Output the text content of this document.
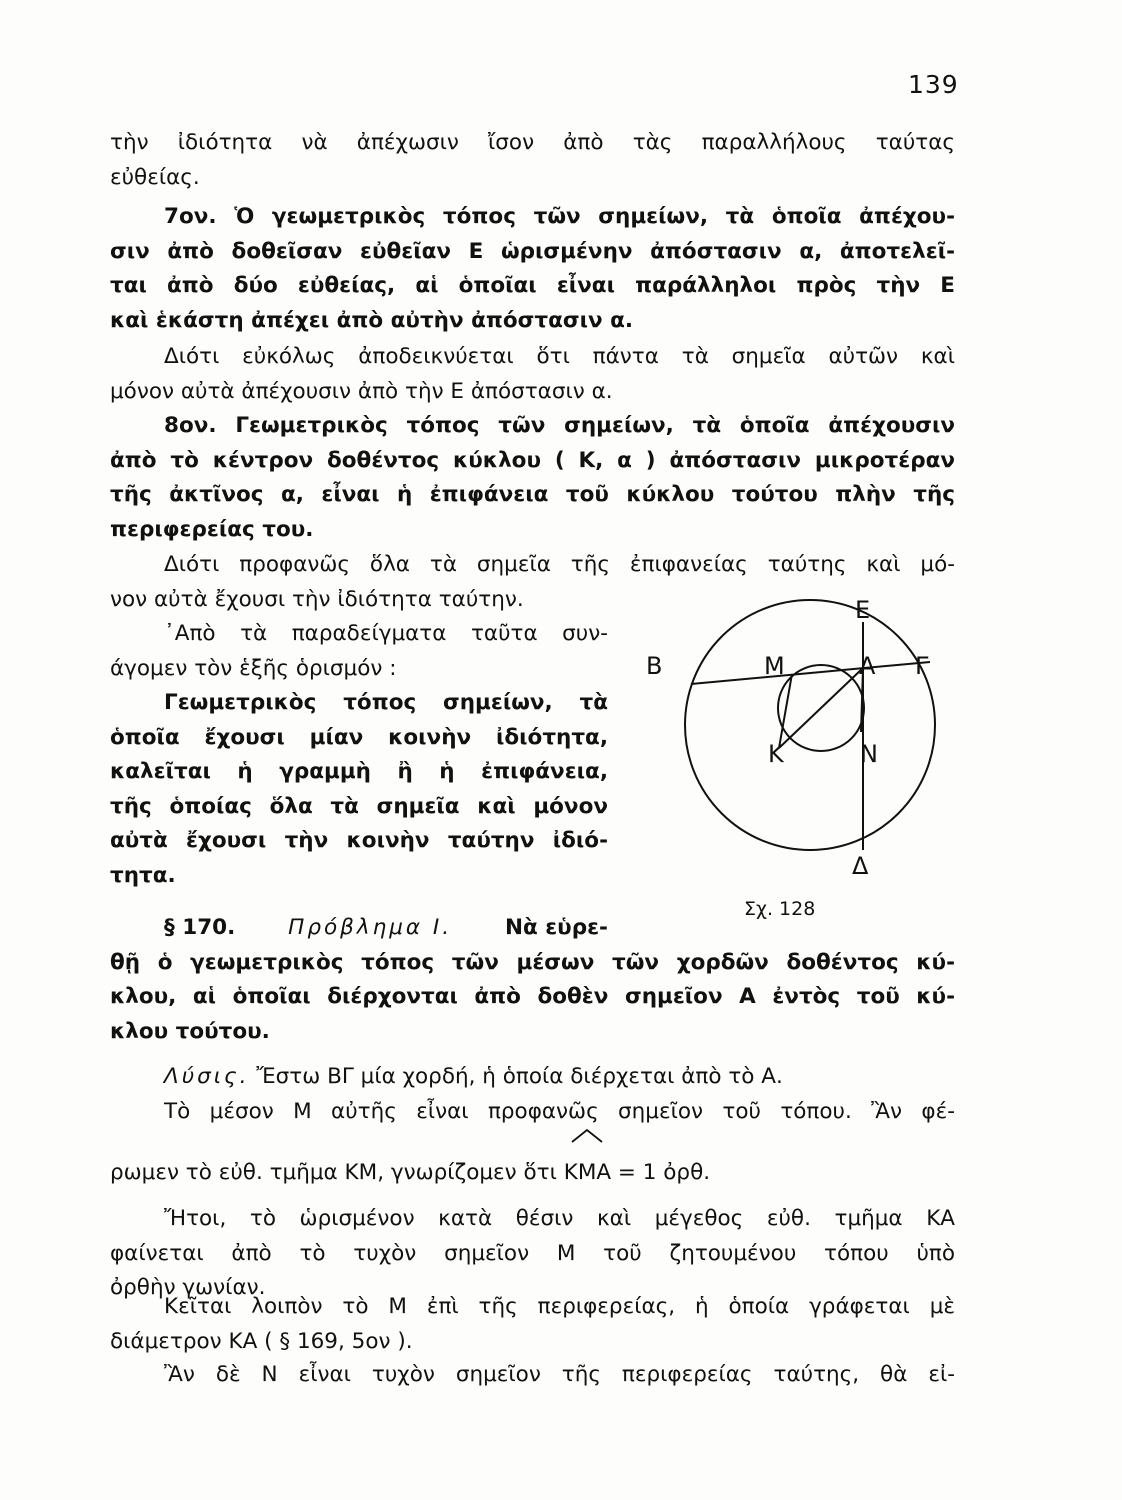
139
τὴν ἰδιότητα νὰ ἀπέχωσιν ἴσον ἀπὸ τὰς παραλλήλους ταύτας
εὐθείας.
7ον. Ὁ γεωμετρικὸς τόπος τῶν σημείων, τὰ ὁποῖα ἀπέχου-
σιν ἀπὸ δοθεῖσαν εὐθεῖαν Ε ὡρισμένην ἀπόστασιν α, ἀποτελεῖ-
ται ἀπὸ δύο εὐθείας, αἱ ὁποῖαι εἶναι παράλληλοι πρὸς τὴν Ε
καὶ ἑκάστη ἀπέχει ἀπὸ αὐτὴν ἀπόστασιν α.
Διότι εὐκόλως ἀποδεικνύεται ὅτι πάντα τὰ σημεῖα αὐτῶν καὶ
μόνον αὐτὰ ἀπέχουσιν ἀπὸ τὴν Ε ἀπόστασιν α.
8ον. Γεωμετρικὸς τόπος τῶν σημείων, τὰ ὁποῖα ἀπέχουσιν
ἀπὸ τὸ κέντρον δοθέντος κύκλου ( Κ, α ) ἀπόστασιν μικροτέραν
τῆς ἀκτῖνος α, εἶναι ἡ ἐπιφάνεια τοῦ κύκλου τούτου πλὴν τῆς
περιφερείας του.
Διότι προφανῶς ὅλα τὰ σημεῖα τῆς ἐπιφανείας ταύτης καὶ μό-
νον αὐτὰ ἔχουσι τὴν ἰδιότητα ταύτην.
᾿Απὸ τὰ παραδείγματα ταῦτα συν-
άγομεν τὸν ἑξῆς ὁρισμόν :
Γεωμετρικὸς τόπος σημείων, τὰ
ὁποῖα ἔχουσι μίαν κοινὴν ἰδιότητα,
καλεῖται ἡ γραμμὴ ἢ ἡ ἐπιφάνεια,
τῆς ὁποίας ὅλα τὰ σημεῖα καὶ μόνον
αὐτὰ ἔχουσι τὴν κοινὴν ταύτην ἰδιό-
τητα.
§ 170. Πρόβλημα Ι. Νὰ εὑρε-
θῇ ὁ γεωμετρικὸς τόπος τῶν μέσων τῶν χορδῶν δοθέντος κύ-
κλου, αἱ ὁποῖαι διέρχονται ἀπὸ δοθὲν σημεῖον Α ἐντὸς τοῦ κύ-
κλου τούτου.
Λύσις. Ἔστω ΒΓ μία χορδή, ἡ ὁποία διέρχεται ἀπὸ τὸ Α.
Τὸ μέσον Μ αὐτῆς εἶναι προφανῶς σημεῖον τοῦ τόπου. Ἂν φέ-
ρωμεν τὸ εὐθ. τμῆμα ΚΜ, γνωρίζομεν ὅτι ΚΜΑ = 1 ὀρθ.
Ἤτοι, τὸ ὡρισμένον κατὰ θέσιν καὶ μέγεθος εὐθ. τμῆμα ΚΑ
φαίνεται ἀπὸ τὸ τυχὸν σημεῖον Μ τοῦ ζητουμένου τόπου ὑπὸ
ὀρθὴν γωνίαν.
Κεῖται λοιπὸν τὸ Μ ἐπὶ τῆς περιφερείας, ἡ ὁποία γράφεται μὲ
διάμετρον ΚΑ ( § 169, 5ον ).
Ἂν δὲ Ν εἶναι τυχὸν σημεῖον τῆς περιφερείας ταύτης, θὰ εἰ-
Ε
Β	Μ	Α Γ
Κ	Ν
Δ
Σχ. 128
